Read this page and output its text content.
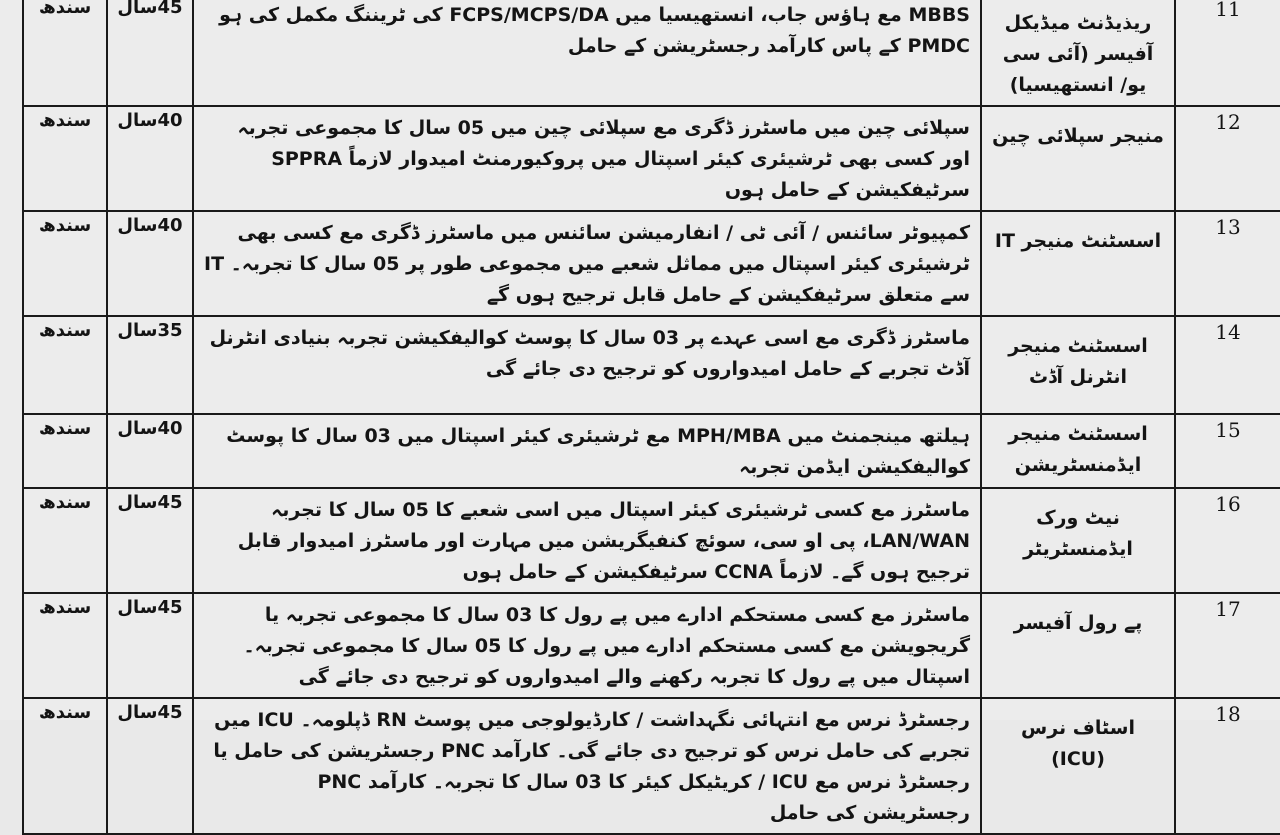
سندھ	45سال	MBBS مع ہاؤس جاب، انستھیسیا میں FCPS/MCPS/DA کی ٹریننگ مکمل کی ہو PMDC کے پاس کارآمد رجسٹریشن کے حامل	ریذیڈنٹ میڈیکل آفیسر (آئی سی یو/ انستھیسیا)	11

سندھ	40سال	سپلائی چین میں ماسٹرز ڈگری مع سپلائی چین میں 05 سال کا مجموعی تجربہ اور کسی بھی ٹرشیئری کیئر اسپتال میں پروکیورمنٹ امیدوار لازماً SPPRA سرٹیفکیشن کے حامل ہوں	منیجر سپلائی چین	12

سندھ	40سال	کمپیوٹر سائنس / آئی ٹی / انفارمیشن سائنس میں ماسٹرز ڈگری مع کسی بھی ٹرشیئری کیئر اسپتال میں مماثل شعبے میں مجموعی طور پر 05 سال کا تجربہ۔ IT سے متعلق سرٹیفکیشن کے حامل قابل ترجیح ہوں گے	اسسٹنٹ منیجر IT	13

سندھ	35سال	ماسٹرز ڈگری مع اسی عہدے پر 03 سال کا پوسٹ کوالیفکیشن تجربہ بنیادی انٹرنل آڈٹ تجربے کے حامل امیدواروں کو ترجیح دی جائے گی	اسسٹنٹ منیجر انٹرنل آڈٹ	14

سندھ	40سال	ہیلتھ مینجمنٹ میں MPH/MBA مع ٹرشیئری کیئر اسپتال میں 03 سال کا پوسٹ کوالیفکیشن ایڈمن تجربہ	اسسٹنٹ منیجر ایڈمنسٹریشن	15

سندھ	45سال	ماسٹرز مع کسی ٹرشیئری کیئر اسپتال میں اسی شعبے کا 05 سال کا تجربہ LAN/WAN، پی او سی، سوئچ کنفیگریشن میں مہارت اور ماسٹرز امیدوار قابل ترجیح ہوں گے۔ لازماً CCNA سرٹیفکیشن کے حامل ہوں	نیٹ ورک ایڈمنسٹریٹر	16

سندھ	45سال	ماسٹرز مع کسی مستحکم ادارے میں پے رول کا 03 سال کا مجموعی تجربہ یا گریجویشن مع کسی مستحکم ادارے میں پے رول کا 05 سال کا مجموعی تجربہ۔ اسپتال میں پے رول کا تجربہ رکھنے والے امیدواروں کو ترجیح دی جائے گی	پے رول آفیسر	17

سندھ	45سال	رجسٹرڈ نرس مع انتہائی نگہداشت / کارڈیولوجی میں پوسٹ RN ڈپلومہ۔ ICU میں تجربے کی حامل نرس کو ترجیح دی جائے گی۔ کارآمد PNC رجسٹریشن کی حامل یا رجسٹرڈ نرس مع ICU / کریٹیکل کیئر کا 03 سال کا تجربہ۔ کارآمد PNC رجسٹریشن کی حامل	اسٹاف نرس (ICU)	18
